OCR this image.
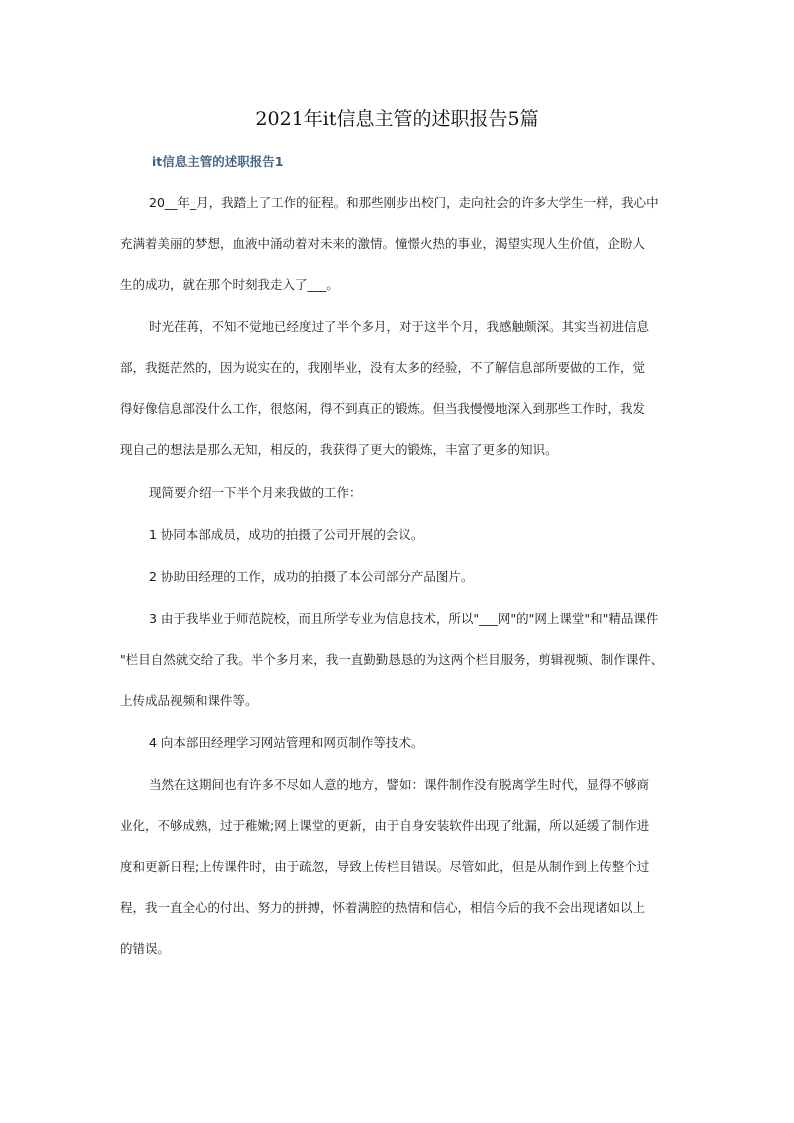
2021年it信息主管的述职报告5篇
it信息主管的述职报告1

20__年_月，我踏上了工作的征程。和那些刚步出校门，走向社会的许多大学生一样，我心中
充满着美丽的梦想，血液中涌动着对未来的激情。憧憬火热的事业，渴望实现人生价值，企盼人
生的成功，就在那个时刻我走入了___。

时光荏苒，不知不觉地已经度过了半个多月，对于这半个月，我感触颇深。其实当初进信息
部，我挺茫然的，因为说实在的，我刚毕业，没有太多的经验，不了解信息部所要做的工作，觉
得好像信息部没什么工作，很悠闲，得不到真正的锻炼。但当我慢慢地深入到那些工作时，我发
现自己的想法是那么无知，相反的，我获得了更大的锻炼，丰富了更多的知识。

现简要介绍一下半个月来我做的工作：

1 协同本部成员，成功的拍摄了公司开展的会议。

2 协助田经理的工作，成功的拍摄了本公司部分产品图片。

3 由于我毕业于师范院校，而且所学专业为信息技术，所以"___网"的"网上课堂"和"精品课件
"栏目自然就交给了我。半个多月来，我一直勤勤恳恳的为这两个栏目服务，剪辑视频、制作课件、
上传成品视频和课件等。

4 向本部田经理学习网站管理和网页制作等技术。

当然在这期间也有许多不尽如人意的地方，譬如：课件制作没有脱离学生时代，显得不够商
业化，不够成熟，过于稚嫩;网上课堂的更新，由于自身安装软件出现了纰漏，所以延缓了制作进
度和更新日程;上传课件时，由于疏忽，导致上传栏目错误。尽管如此，但是从制作到上传整个过
程，我一直全心的付出、努力的拼搏，怀着满腔的热情和信心，相信今后的我不会出现诸如以上
的错误。
